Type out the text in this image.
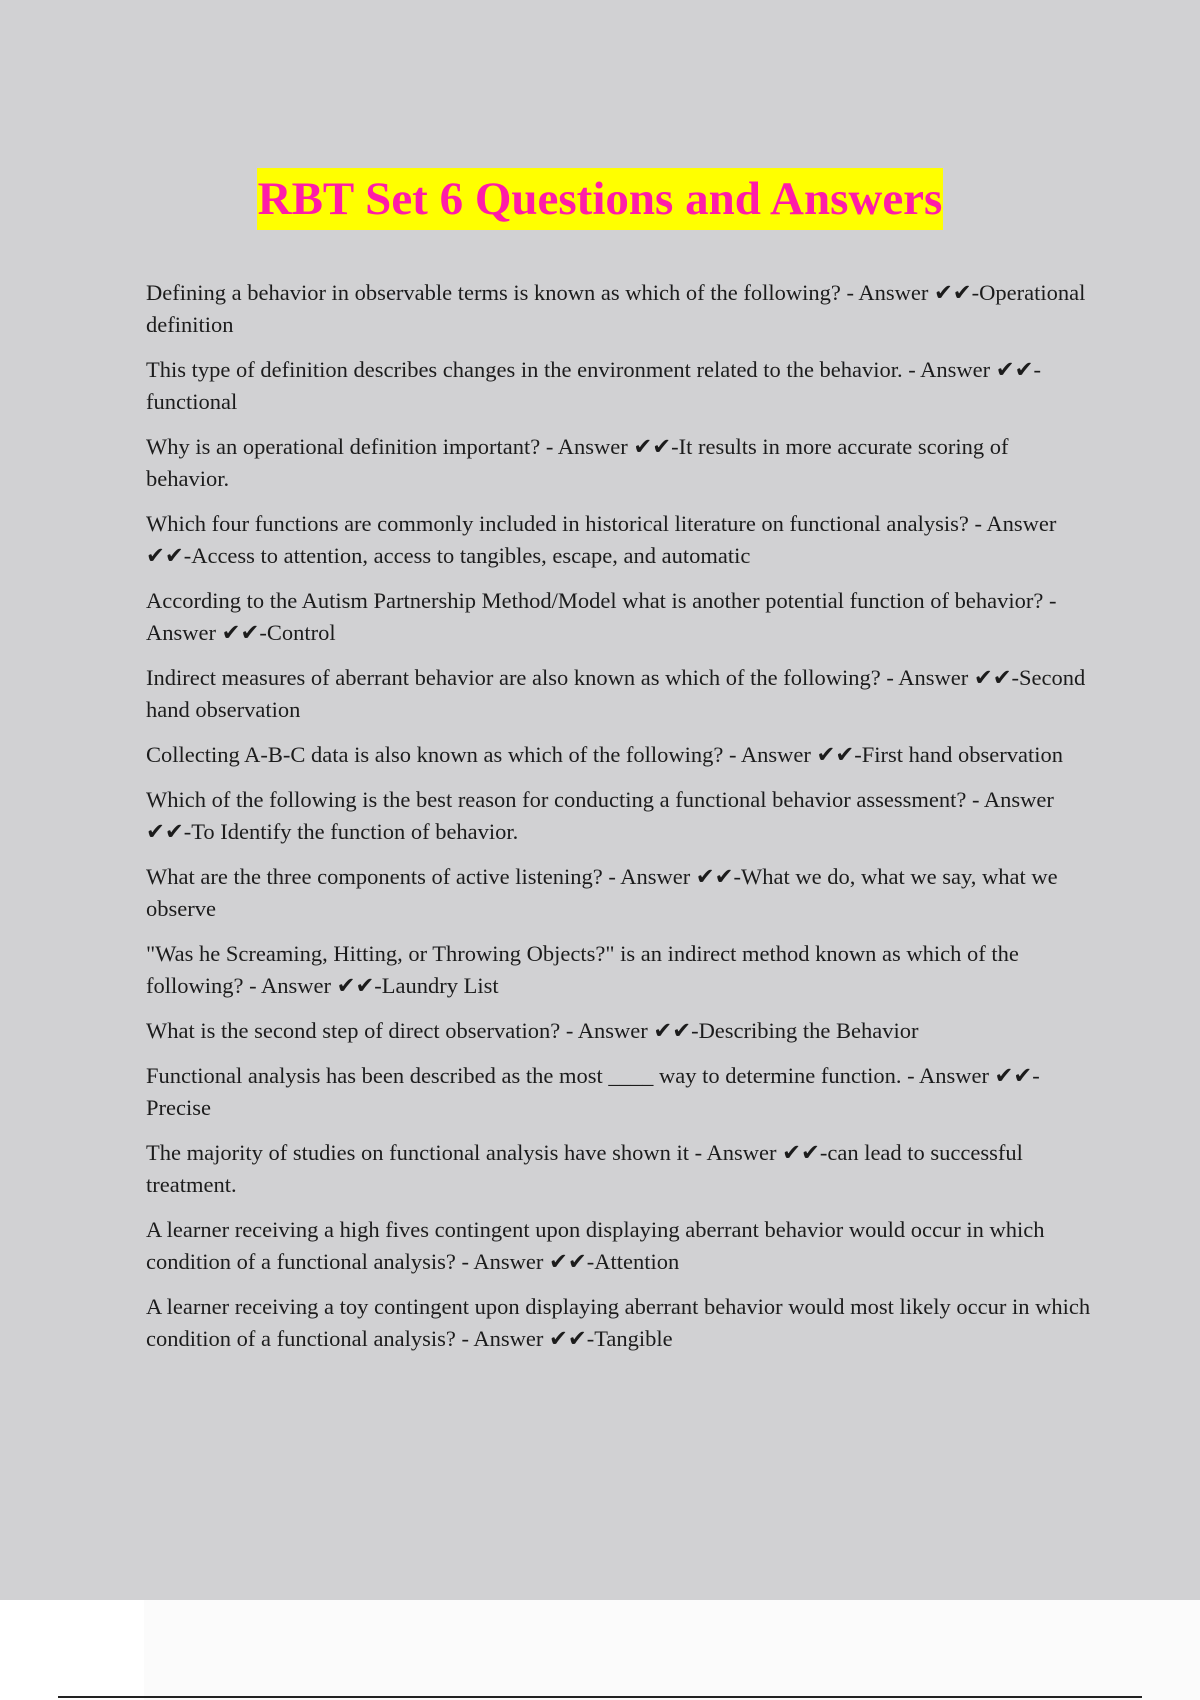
RBT Set 6 Questions and Answers

Defining a behavior in observable terms is known as which of the following? - Answer ✔✔-Operational definition

This type of definition describes changes in the environment related to the behavior. - Answer ✔✔-functional

Why is an operational definition important? - Answer ✔✔-It results in more accurate scoring of behavior.

Which four functions are commonly included in historical literature on functional analysis? - Answer ✔✔-Access to attention, access to tangibles, escape, and automatic

According to the Autism Partnership Method/Model what is another potential function of behavior? - Answer ✔✔-Control

Indirect measures of aberrant behavior are also known as which of the following? - Answer ✔✔-Second hand observation

Collecting A-B-C data is also known as which of the following? - Answer ✔✔-First hand observation

Which of the following is the best reason for conducting a functional behavior assessment? - Answer ✔✔-To Identify the function of behavior.

What are the three components of active listening? - Answer ✔✔-What we do, what we say, what we observe

"Was he Screaming, Hitting, or Throwing Objects?" is an indirect method known as which of the following? - Answer ✔✔-Laundry List

What is the second step of direct observation? - Answer ✔✔-Describing the Behavior

Functional analysis has been described as the most ____ way to determine function. - Answer ✔✔-Precise

The majority of studies on functional analysis have shown it - Answer ✔✔-can lead to successful treatment.

A learner receiving a high fives contingent upon displaying aberrant behavior would occur in which condition of a functional analysis? - Answer ✔✔-Attention

A learner receiving a toy contingent upon displaying aberrant behavior would most likely occur in which condition of a functional analysis? - Answer ✔✔-Tangible
